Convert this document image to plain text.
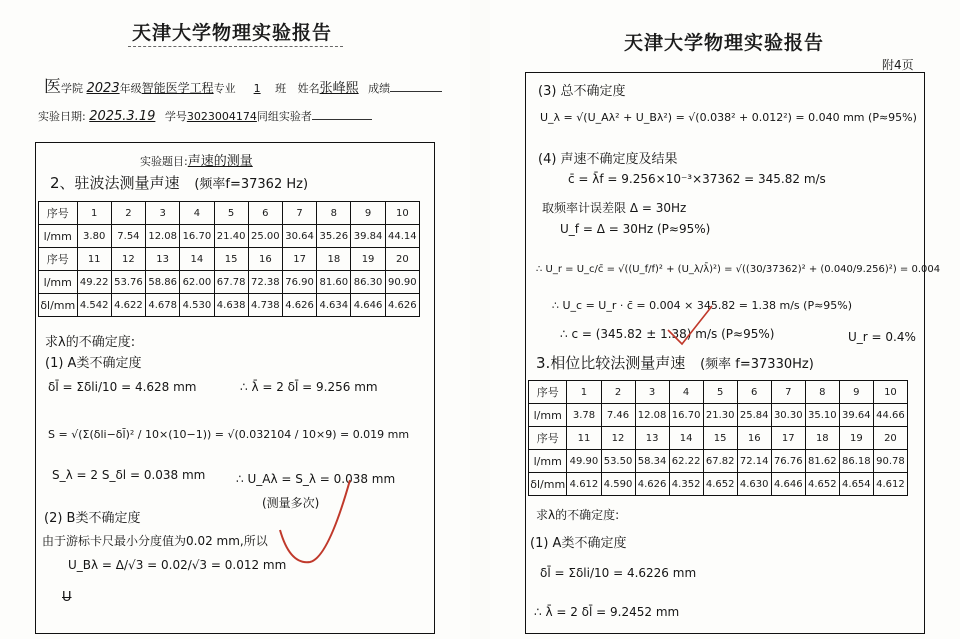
天津大学物理实验报告
医学院 2023年级智能医学工程专业 1 班 姓名张峰熙 成绩
实验日期: 2025.3.19 学号3023004174同组实验者
实验题目:声速的测量
2、驻波法测量声速 (频率f=37362 Hz)
序号	1	2	3	4	5	6	7	8	9	10
l/mm	3.80	7.54	12.08	16.70	21.40	25.00	30.64	35.26	39.84	44.14
序号	11	12	13	14	15	16	17	18	19	20
l/mm	49.22	53.76	58.86	62.00	67.78	72.38	76.90	81.60	86.30	90.90
δl/mm	4.542	4.622	4.678	4.530	4.638	4.738	4.626	4.634	4.646	4.626
求λ的不确定度:
(1) A类不确定度
δl̄ = Σδli/10 = 4.628 mm	∴ λ̄ = 2 δl̄ = 9.256 mm
S = √(Σ(δli−δl̄)² / 10×(10−1)) = √(0.032104 / 10×9) = 0.019 mm
S_λ = 2 S_δl = 0.038 mm	∴ U_Aλ = S_λ = 0.038 mm
(测量多次)
(2) B类不确定度
由于游标卡尺最小分度值为0.02 mm,所以
U_Bλ = Δ/√3 = 0.02/√3 = 0.012 mm
U
天津大学物理实验报告
附4页
(3) 总不确定度
U_λ = √(U_Aλ² + U_Bλ²) = √(0.038² + 0.012²) = 0.040 mm (P≈95%)
(4) 声速不确定度及结果
c̄ = λ̄f = 9.256×10⁻³×37362 = 345.82 m/s
取频率计误差限 Δ = 30Hz
U_f = Δ = 30Hz (P≈95%)
∴ U_r = U_c/c̄ = √((U_f/f)² + (U_λ/λ̄)²) = √((30/37362)² + (0.040/9.256)²) = 0.004
∴ U_c = U_r · c̄ = 0.004 × 345.82 = 1.38 m/s (P≈95%)
∴ c = (345.82 ± 1.38) m/s (P≈95%)	U_r = 0.4%
3.相位比较法测量声速 (频率 f=37330Hz)
序号	1	2	3	4	5	6	7	8	9	10
l/mm	3.78	7.46	12.08	16.70	21.30	25.84	30.30	35.10	39.64	44.66
序号	11	12	13	14	15	16	17	18	19	20
l/mm	49.90	53.50	58.34	62.22	67.82	72.14	76.76	81.62	86.18	90.78
δl/mm	4.612	4.590	4.626	4.352	4.652	4.630	4.646	4.652	4.654	4.612
求λ的不确定度:
(1) A类不确定度
δl̄ = Σδli/10 = 4.6226 mm
∴ λ̄ = 2 δl̄ = 9.2452 mm
